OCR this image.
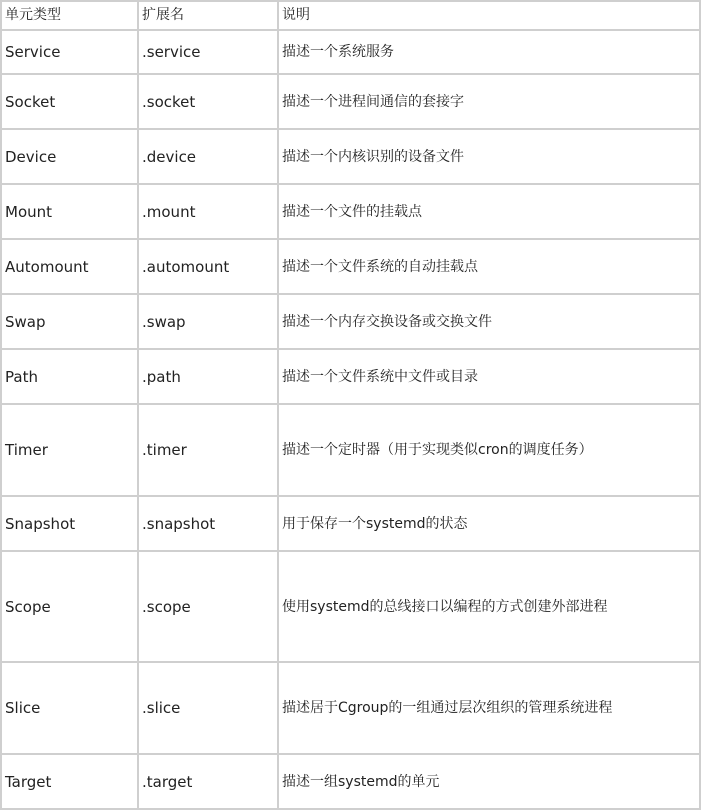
单元类型	扩展名	说明
Service	.service	描述一个系统服务
Socket	.socket	描述一个进程间通信的套接字
Device	.device	描述一个内核识别的设备文件
Mount	.mount	描述一个文件的挂载点
Automount	.automount	描述一个文件系统的自动挂载点
Swap	.swap	描述一个内存交换设备或交换文件
Path	.path	描述一个文件系统中文件或目录
Timer	.timer	描述一个定时器（用于实现类似cron的调度任务）
Snapshot	.snapshot	用于保存一个systemd的状态
Scope	.scope	使用systemd的总线接口以编程的方式创建外部进程
Slice	.slice	描述居于Cgroup的一组通过层次组织的管理系统进程
Target	.target	描述一组systemd的单元
